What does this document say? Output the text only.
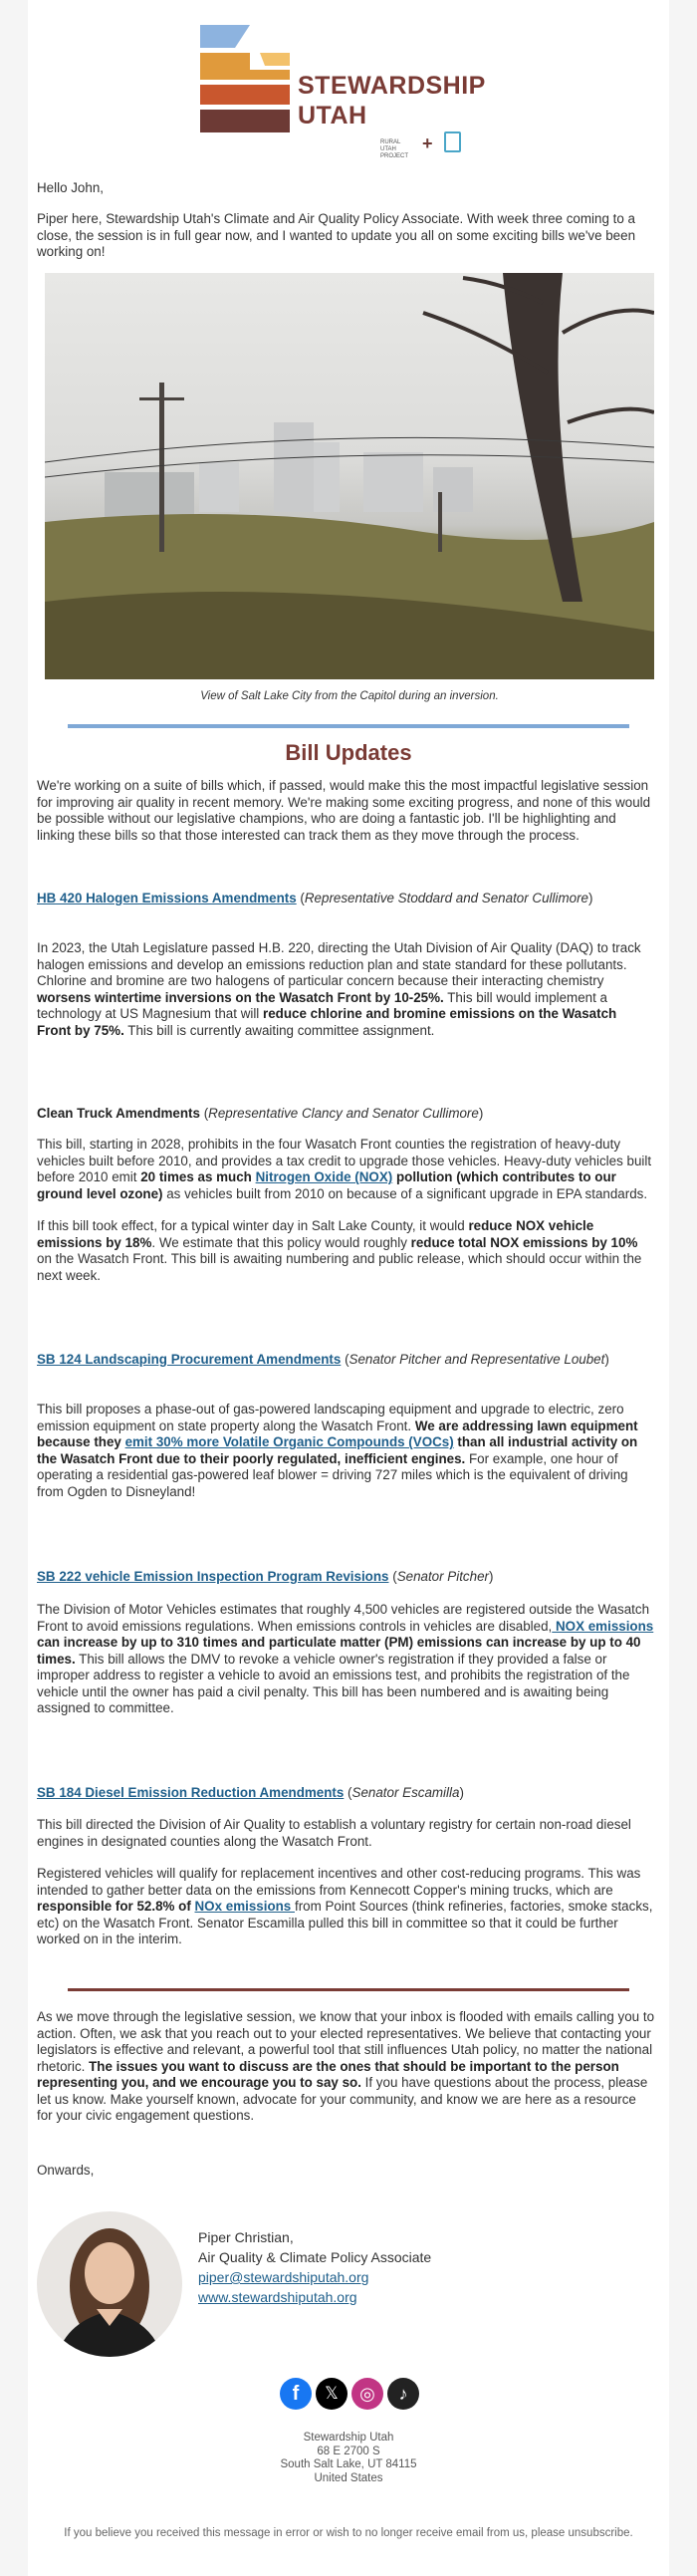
STEWARDSHIP
UTAH
RURAL UTAH PROJECT
+
Hello John,
Piper here, Stewardship Utah's Climate and Air Quality Policy Associate. With week three coming to a close, the session is in full gear now, and I wanted to update you all on some exciting bills we've been working on!
View of Salt Lake City from the Capitol during an inversion.
Bill Updates
We're working on a suite of bills which, if passed, would make this the most impactful legislative session for improving air quality in recent memory. We're making some exciting progress, and none of this would be possible without our legislative champions, who are doing a fantastic job. I'll be highlighting and linking these bills so that those interested can track them as they move through the process.
HB 420 Halogen Emissions Amendments (Representative Stoddard and Senator Cullimore)
In 2023, the Utah Legislature passed H.B. 220, directing the Utah Division of Air Quality (DAQ) to track halogen emissions and develop an emissions reduction plan and state standard for these pollutants. Chlorine and bromine are two halogens of particular concern because their interacting chemistry worsens wintertime inversions on the Wasatch Front by 10-25%. This bill would implement a technology at US Magnesium that will reduce chlorine and bromine emissions on the Wasatch Front by 75%. This bill is currently awaiting committee assignment.
Clean Truck Amendments (Representative Clancy and Senator Cullimore)
This bill, starting in 2028, prohibits in the four Wasatch Front counties the registration of heavy-duty vehicles built before 2010, and provides a tax credit to upgrade those vehicles. Heavy-duty vehicles built before 2010 emit 20 times as much Nitrogen Oxide (NOX) pollution (which contributes to our ground level ozone) as vehicles built from 2010 on because of a significant upgrade in EPA standards.
If this bill took effect, for a typical winter day in Salt Lake County, it would reduce NOX vehicle emissions by 18%. We estimate that this policy would roughly reduce total NOX emissions by 10% on the Wasatch Front. This bill is awaiting numbering and public release, which should occur within the next week.
SB 124 Landscaping Procurement Amendments (Senator Pitcher and Representative Loubet)
This bill proposes a phase-out of gas-powered landscaping equipment and upgrade to electric, zero emission equipment on state property along the Wasatch Front. We are addressing lawn equipment because they emit 30% more Volatile Organic Compounds (VOCs) than all industrial activity on the Wasatch Front due to their poorly regulated, inefficient engines. For example, one hour of operating a residential gas-powered leaf blower = driving 727 miles which is the equivalent of driving from Ogden to Disneyland!
SB 222 vehicle Emission Inspection Program Revisions (Senator Pitcher)
The Division of Motor Vehicles estimates that roughly 4,500 vehicles are registered outside the Wasatch Front to avoid emissions regulations. When emissions controls in vehicles are disabled, NOX emissions can increase by up to 310 times and particulate matter (PM) emissions can increase by up to 40 times. This bill allows the DMV to revoke a vehicle owner's registration if they provided a false or improper address to register a vehicle to avoid an emissions test, and prohibits the registration of the vehicle until the owner has paid a civil penalty. This bill has been numbered and is awaiting being assigned to committee.
SB 184 Diesel Emission Reduction Amendments (Senator Escamilla)
This bill directed the Division of Air Quality to establish a voluntary registry for certain non-road diesel engines in designated counties along the Wasatch Front.
Registered vehicles will qualify for replacement incentives and other cost-reducing programs. This was intended to gather better data on the emissions from Kennecott Copper's mining trucks, which are responsible for 52.8% of NOx emissions from Point Sources (think refineries, factories, smoke stacks, etc) on the Wasatch Front. Senator Escamilla pulled this bill in committee so that it could be further worked on in the interim.
As we move through the legislative session, we know that your inbox is flooded with emails calling you to action. Often, we ask that you reach out to your elected representatives. We believe that contacting your legislators is effective and relevant, a powerful tool that still influences Utah policy, no matter the national rhetoric. The issues you want to discuss are the ones that should be important to the person representing you, and we encourage you to say so. If you have questions about the process, please let us know. Make yourself known, advocate for your community, and know we are here as a resource for your civic engagement questions.
Onwards,
Piper Christian,
Air Quality & Climate Policy Associate
piper@stewardshiputah.org
www.stewardshiputah.org
f	𝕏	◎	♪
Stewardship Utah
68 E 2700 S
South Salt Lake, UT 84115
United States
If you believe you received this message in error or wish to no longer receive email from us, please unsubscribe.
